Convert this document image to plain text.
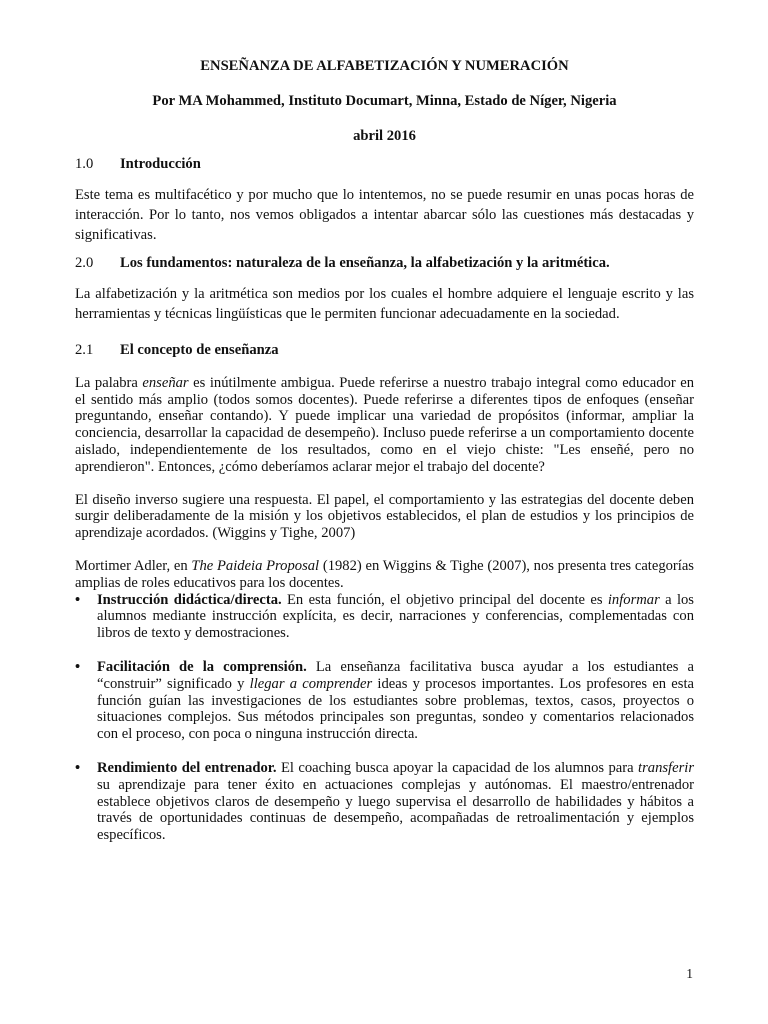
ENSEÑANZA DE ALFABETIZACIÓN Y NUMERACIÓN

Por MA Mohammed, Instituto Documart, Minna, Estado de Níger, Nigeria

abril 2016

1.0	Introducción

Este tema es multifacético y por mucho que lo intentemos, no se puede resumir en unas pocas horas de interacción. Por lo tanto, nos vemos obligados a intentar abarcar sólo las cuestiones más destacadas y significativas.

2.0	Los fundamentos: naturaleza de la enseñanza, la alfabetización y la aritmética.

La alfabetización y la aritmética son medios por los cuales el hombre adquiere el lenguaje escrito y las herramientas y técnicas lingüísticas que le permiten funcionar adecuadamente en la sociedad.

2.1	El concepto de enseñanza

La palabra enseñar es inútilmente ambigua. Puede referirse a nuestro trabajo integral como educador en el sentido más amplio (todos somos docentes). Puede referirse a diferentes tipos de enfoques (enseñar preguntando, enseñar contando). Y puede implicar una variedad de propósitos (informar, ampliar la conciencia, desarrollar la capacidad de desempeño). Incluso puede referirse a un comportamiento docente aislado, independientemente de los resultados, como en el viejo chiste: "Les enseñé, pero no aprendieron". Entonces, ¿cómo deberíamos aclarar mejor el trabajo del docente?

El diseño inverso sugiere una respuesta. El papel, el comportamiento y las estrategias del docente deben surgir deliberadamente de la misión y los objetivos establecidos, el plan de estudios y los principios de aprendizaje acordados. (Wiggins y Tighe, 2007)

Mortimer Adler, en The Paideia Proposal (1982) en Wiggins & Tighe (2007), nos presenta tres categorías amplias de roles educativos para los docentes.

•	Instrucción didáctica/directa. En esta función, el objetivo principal del docente es informar a los alumnos mediante instrucción explícita, es decir, narraciones y conferencias, complementadas con libros de texto y demostraciones.
•	Facilitación de la comprensión. La enseñanza facilitativa busca ayudar a los estudiantes a “construir” significado y llegar a comprender ideas y procesos importantes. Los profesores en esta función guían las investigaciones de los estudiantes sobre problemas, textos, casos, proyectos o situaciones complejos. Sus métodos principales son preguntas, sondeo y comentarios relacionados con el proceso, con poca o ninguna instrucción directa.
•	Rendimiento del entrenador. El coaching busca apoyar la capacidad de los alumnos para transferir su aprendizaje para tener éxito en actuaciones complejas y autónomas. El maestro/entrenador establece objetivos claros de desempeño y luego supervisa el desarrollo de habilidades y hábitos a través de oportunidades continuas de desempeño, acompañadas de retroalimentación y ejemplos específicos.
1
